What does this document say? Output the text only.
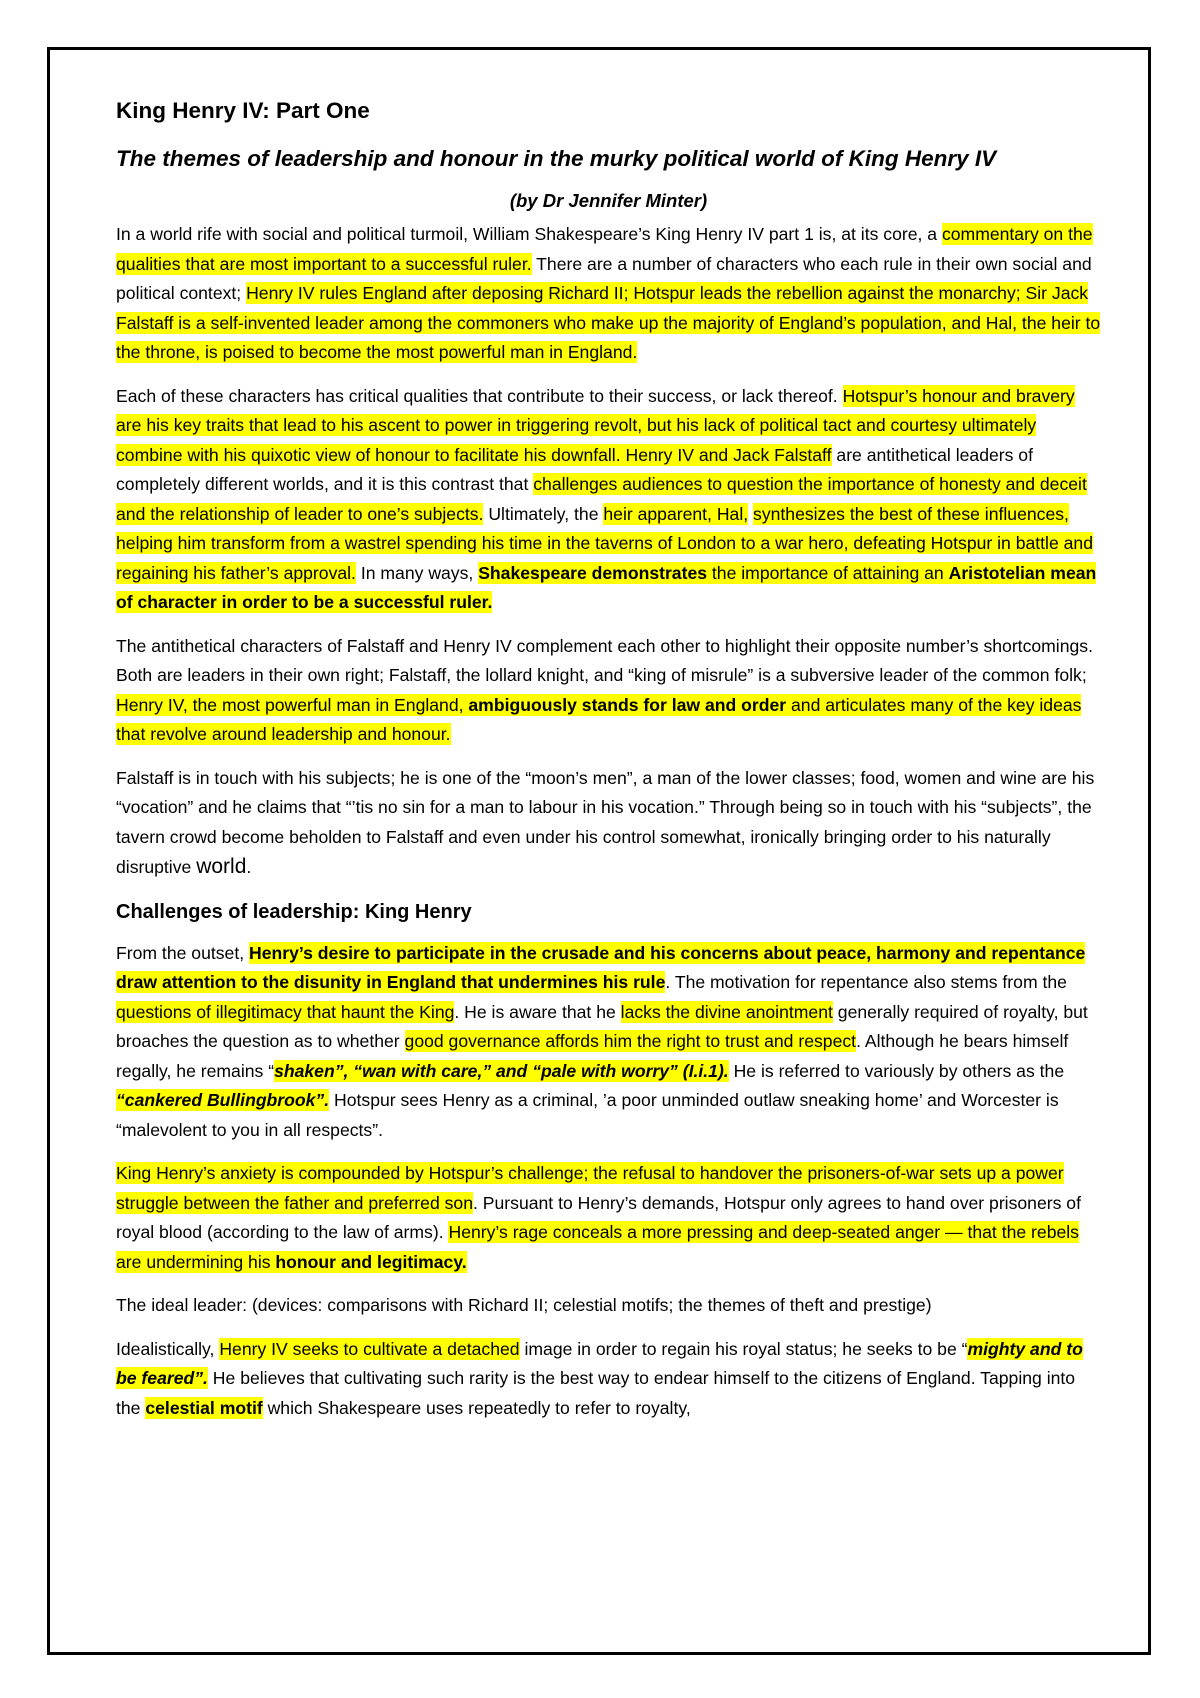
King Henry IV: Part One
The themes of leadership and honour in the murky political world of King Henry IV
(by Dr Jennifer Minter)

In a world rife with social and political turmoil, William Shakespeare’s King Henry IV part 1 is, at its core, a commentary on the qualities that are most important to a successful ruler. There are a number of characters who each rule in their own social and political context; Henry IV rules England after deposing Richard II; Hotspur leads the rebellion against the monarchy; Sir Jack Falstaff is a self-invented leader among the commoners who make up the majority of England’s population, and Hal, the heir to the throne, is poised to become the most powerful man in England.

Each of these characters has critical qualities that contribute to their success, or lack thereof. Hotspur’s honour and bravery are his key traits that lead to his ascent to power in triggering revolt, but his lack of political tact and courtesy ultimately combine with his quixotic view of honour to facilitate his downfall. Henry IV and Jack Falstaff are antithetical leaders of completely different worlds, and it is this contrast that challenges audiences to question the importance of honesty and deceit and the relationship of leader to one’s subjects. Ultimately, the heir apparent, Hal, synthesizes the best of these influences, helping him transform from a wastrel spending his time in the taverns of London to a war hero, defeating Hotspur in battle and regaining his father’s approval. In many ways, Shakespeare demonstrates the importance of attaining an Aristotelian mean of character in order to be a successful ruler.

The antithetical characters of Falstaff and Henry IV complement each other to highlight their opposite number’s shortcomings. Both are leaders in their own right; Falstaff, the lollard knight, and “king of misrule” is a subversive leader of the common folk; Henry IV, the most powerful man in England, ambiguously stands for law and order and articulates many of the key ideas that revolve around leadership and honour.

Falstaff is in touch with his subjects; he is one of the “moon’s men”, a man of the lower classes; food, women and wine are his “vocation” and he claims that “’tis no sin for a man to labour in his vocation.” Through being so in touch with his “subjects”, the tavern crowd become beholden to Falstaff and even under his control somewhat, ironically bringing order to his naturally disruptive world.

Challenges of leadership: King Henry

From the outset, Henry’s desire to participate in the crusade and his concerns about peace, harmony and repentance draw attention to the disunity in England that undermines his rule. The motivation for repentance also stems from the questions of illegitimacy that haunt the King. He is aware that he lacks the divine anointment generally required of royalty, but broaches the question as to whether good governance affords him the right to trust and respect. Although he bears himself regally, he remains “shaken”, “wan with care,” and “pale with worry” (I.i.1). He is referred to variously by others as the “cankered Bullingbrook”. Hotspur sees Henry as a criminal, ’a poor unminded outlaw sneaking home’ and Worcester is “malevolent to you in all respects”.

King Henry’s anxiety is compounded by Hotspur’s challenge; the refusal to handover the prisoners-of-war sets up a power struggle between the father and preferred son. Pursuant to Henry’s demands, Hotspur only agrees to hand over prisoners of royal blood (according to the law of arms). Henry’s rage conceals a more pressing and deep-seated anger — that the rebels are undermining his honour and legitimacy.

The ideal leader: (devices: comparisons with Richard II; celestial motifs; the themes of theft and prestige)

Idealistically, Henry IV seeks to cultivate a detached image in order to regain his royal status; he seeks to be “mighty and to be feared”. He believes that cultivating such rarity is the best way to endear himself to the citizens of England. Tapping into the celestial motif which Shakespeare uses repeatedly to refer to royalty,
